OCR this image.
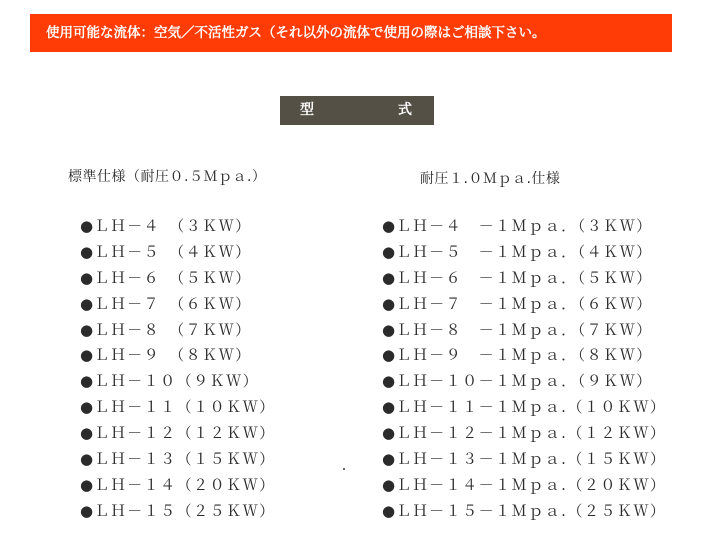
使用可能な流体：空気／不活性ガス（それ以外の流体で使用の際はご相談下さい。
型	式
標準仕様（耐圧０.５Ｍｐａ.）	耐圧１.０Ｍｐａ.仕様
●ＬＨ－４　（３ＫＷ）
●ＬＨ－５　（４ＫＷ）
●ＬＨ－６　（５ＫＷ）
●ＬＨ－７　（６ＫＷ）
●ＬＨ－８　（７ＫＷ）
●ＬＨ－９　（８ＫＷ）
●ＬＨ－１０（９ＫＷ）
●ＬＨ－１１（１０ＫＷ）
●ＬＨ－１２（１２ＫＷ）
●ＬＨ－１３（１５ＫＷ）
●ＬＨ－１４（２０ＫＷ）
●ＬＨ－１５（２５ＫＷ）
●ＬＨ－４　－１Ｍｐａ．（３ＫＷ）
●ＬＨ－５　－１Ｍｐａ．（４ＫＷ）
●ＬＨ－６　－１Ｍｐａ．（５ＫＷ）
●ＬＨ－７　－１Ｍｐａ．（６ＫＷ）
●ＬＨ－８　－１Ｍｐａ．（７ＫＷ）
●ＬＨ－９　－１Ｍｐａ．（８ＫＷ）
●ＬＨ－１０－１Ｍｐａ．（９ＫＷ）
●ＬＨ－１１－１Ｍｐａ.（１０ＫＷ）
●ＬＨ－１２－１Ｍｐａ.（１２ＫＷ）
●ＬＨ－１３－１Ｍｐａ.（１５ＫＷ）
●ＬＨ－１４－１Ｍｐａ.（２０ＫＷ）
●ＬＨ－１５－１Ｍｐａ.（２５ＫＷ）
